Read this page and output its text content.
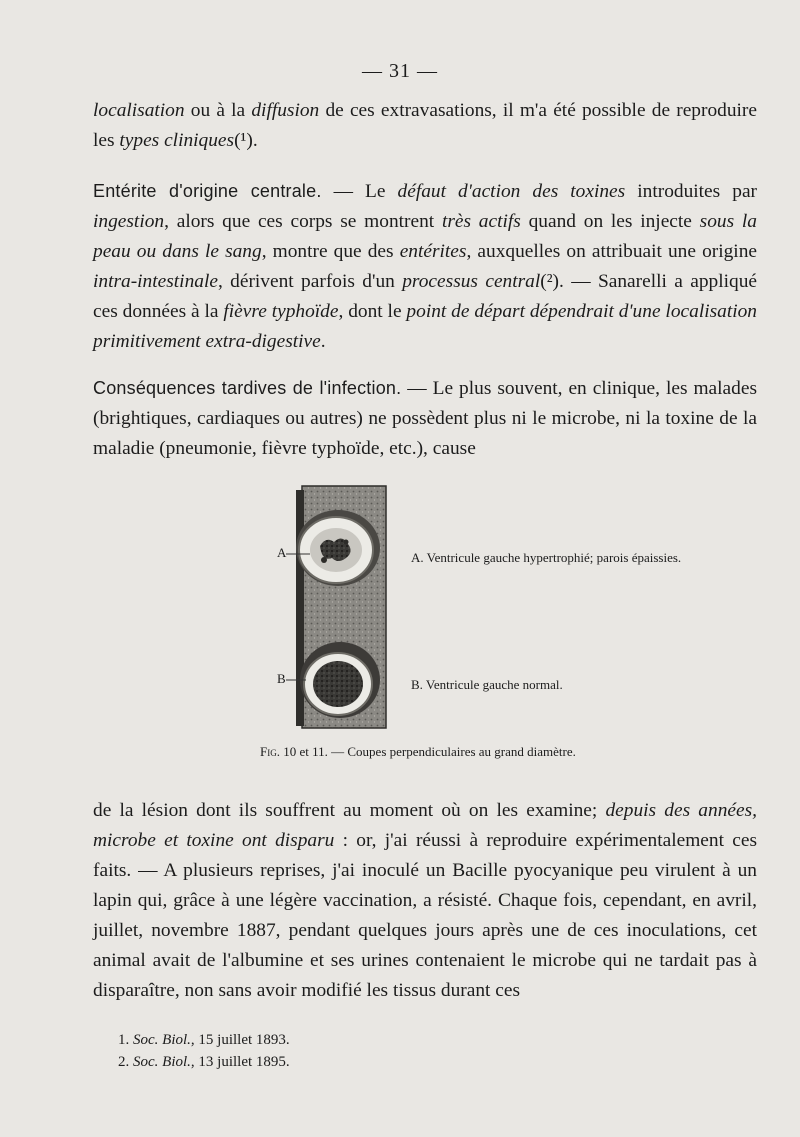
— 31 —

localisation ou à la diffusion de ces extravasations, il m'a été possible de reproduire les types cliniques(¹).

Entérite d'origine centrale. — Le défaut d'action des toxines introduites par ingestion, alors que ces corps se montrent très actifs quand on les injecte sous la peau ou dans le sang, montre que des entérites, auxquelles on attribuait une origine intra-intestinale, dérivent parfois d'un processus central(²). — Sanarelli a appliqué ces données à la fièvre typhoïde, dont le point de départ dépendrait d'une localisation primitivement extra-digestive.

Conséquences tardives de l'infection. — Le plus souvent, en clinique, les malades (brightiques, cardiaques ou autres) ne possèdent plus ni le microbe, ni la toxine de la maladie (pneumonie, fièvre typhoïde, etc.), cause

A
B
A. Ventricule gauche hypertrophié; parois épaissies.
B. Ventricule gauche normal.
Fig. 10 et 11. — Coupes perpendiculaires au grand diamètre.

de la lésion dont ils souffrent au moment où on les examine; depuis des années, microbe et toxine ont disparu : or, j'ai réussi à reproduire expérimentalement ces faits. — A plusieurs reprises, j'ai inoculé un Bacille pyocyanique peu virulent à un lapin qui, grâce à une légère vaccination, a résisté. Chaque fois, cependant, en avril, juillet, novembre 1887, pendant quelques jours après une de ces inoculations, cet animal avait de l'albumine et ses urines contenaient le microbe qui ne tardait pas à disparaître, non sans avoir modifié les tissus durant ces

1. Soc. Biol., 15 juillet 1893.
2. Soc. Biol., 13 juillet 1895.
